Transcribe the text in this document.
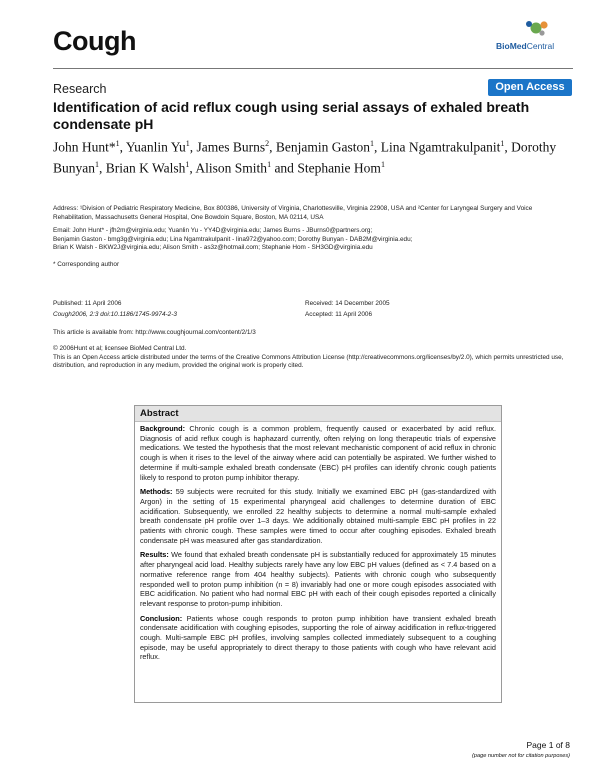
Cough	BioMedCentral
Research	Open Access
Identification of acid reflux cough using serial assays of exhaled breath condensate pH
John Hunt*$^1$, Yuanlin Yu$^1$, James Burns$^2$, Benjamin Gaston$^1$, Lina Ngamtrakulpanit$^1$, Dorothy Bunyan$^1$, Brian K Walsh$^1$, Alison Smith$^1$ and Stephanie Hom$^1$
Address: ¹Division of Pediatric Respiratory Medicine, Box 800386, University of Virginia, Charlottesville, Virginia 22908, USA and ²Center for Laryngeal Surgery and Voice Rehabilitation, Massachusetts General Hospital, One Bowdoin Square, Boston, MA 02114, USA
Email: John Hunt* - jfh2m@virginia.edu; Yuanlin Yu - YY4D@virginia.edu; James Burns - JBurns0@partners.org;
Benjamin Gaston - bmg3g@virginia.edu; Lina Ngamtrakulpanit - lina972@yahoo.com; Dorothy Bunyan - DAB2M@virginia.edu;
Brian K Walsh - BKW2J@virginia.edu; Alison Smith - as3z@hotmail.com; Stephanie Hom - SH3GD@virginia.edu
* Corresponding author
Published: 11 April 2006
Cough2006, 2:3 doi:10.1186/1745-9974-2-3
Received: 14 December 2005
Accepted: 11 April 2006
This article is available from: http://www.coughjournal.com/content/2/1/3
© 2006Hunt et al; licensee BioMed Central Ltd.
This is an Open Access article distributed under the terms of the Creative Commons Attribution License (http://creativecommons.org/licenses/by/2.0), which permits unrestricted use, distribution, and reproduction in any medium, provided the original work is properly cited.
Abstract

Background: Chronic cough is a common problem, frequently caused or exacerbated by acid reflux. Diagnosis of acid reflux cough is haphazard currently, often relying on long therapeutic trials of expensive medications. We tested the hypothesis that the most relevant mechanistic component of acid reflux in chronic cough is when it rises to the level of the airway where acid can potentially be aspirated. We further wished to determine if multi-sample exhaled breath condensate (EBC) pH profiles can identify chronic cough patients likely to respond to proton pump inhibitor therapy.

Methods: 59 subjects were recruited for this study. Initially we examined EBC pH (gas-standardized with Argon) in the setting of 15 experimental pharyngeal acid challenges to determine duration of EBC acidification. Subsequently, we enrolled 22 healthy subjects to determine a normal multi-sample exhaled breath condensate pH profile over 1–3 days. We additionally obtained multi-sample EBC pH profiles in 22 patients with chronic cough. These samples were timed to occur after coughing episodes. Exhaled breath condensate pH was measured after gas standardization.

Results: We found that exhaled breath condensate pH is substantially reduced for approximately 15 minutes after pharyngeal acid load. Healthy subjects rarely have any low EBC pH values (defined as < 7.4 based on a normative reference range from 404 healthy subjects). Patients with chronic cough who subsequently responded well to proton pump inhibition (n = 8) invariably had one or more cough episodes associated with EBC acidification. No patient who had normal EBC pH with each of their cough episodes reported a clinically relevant response to proton-pump inhibition.

Conclusion: Patients whose cough responds to proton pump inhibition have transient exhaled breath condensate acidification with coughing episodes, supporting the role of airway acidification in reflux-triggered cough. Multi-sample EBC pH profiles, involving samples collected immediately subsequent to a coughing episode, may be useful appropriately to direct therapy to those patients with cough who have relevant acid reflux.

Page 1 of 8
(page number not for citation purposes)
